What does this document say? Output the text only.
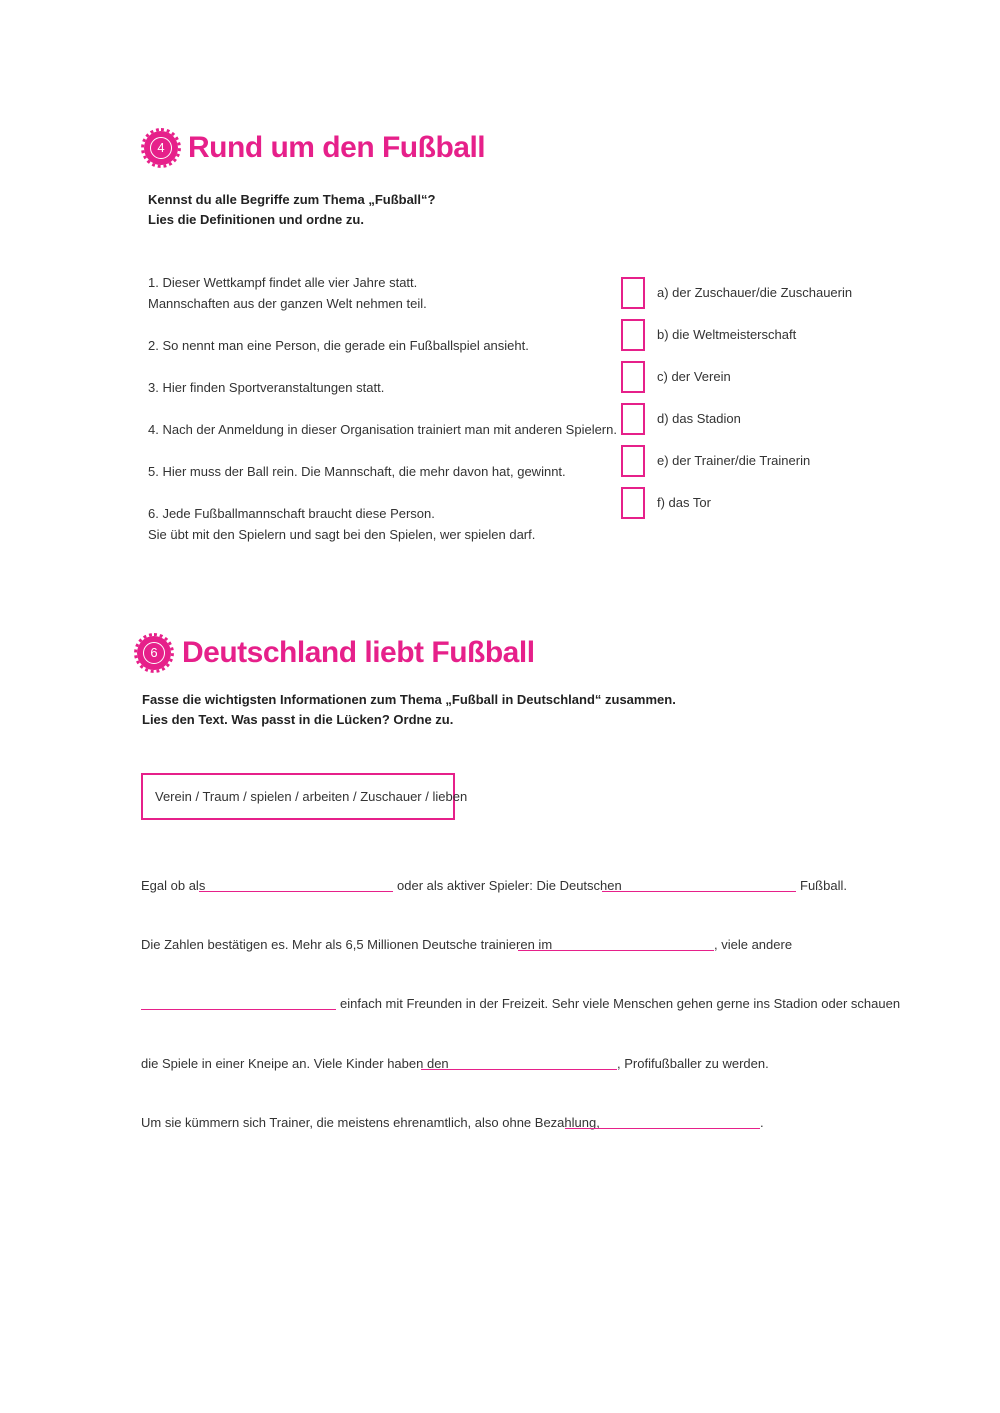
4 Rund um den Fußball
Kennst du alle Begriffe zum Thema „Fußball“?
Lies die Definitionen und ordne zu.
1. Dieser Wettkampf findet alle vier Jahre statt.
Mannschaften aus der ganzen Welt nehmen teil.
2. So nennt man eine Person, die gerade ein Fußballspiel ansieht.
3. Hier finden Sportveranstaltungen statt.
4. Nach der Anmeldung in dieser Organisation trainiert man mit anderen Spielern.
5. Hier muss der Ball rein. Die Mannschaft, die mehr davon hat, gewinnt.
6. Jede Fußballmannschaft braucht diese Person.
Sie übt mit den Spielern und sagt bei den Spielen, wer spielen darf.
a) der Zuschauer/die Zuschauerin
b) die Weltmeisterschaft
c) der Verein
d) das Stadion
e) der Trainer/die Trainerin
f) das Tor
6 Deutschland liebt Fußball
Fasse die wichtigsten Informationen zum Thema „Fußball in Deutschland“ zusammen.
Lies den Text. Was passt in die Lücken? Ordne zu.
Verein / Traum / spielen / arbeiten / Zuschauer / lieben
Egal ob als	oder als aktiver Spieler: Die Deutschen	Fußball.
Die Zahlen bestätigen es. Mehr als 6,5 Millionen Deutsche trainieren im	, viele andere
einfach mit Freunden in der Freizeit. Sehr viele Menschen gehen gerne ins Stadion oder schauen
die Spiele in einer Kneipe an. Viele Kinder haben den	, Profifußballer zu werden.
Um sie kümmern sich Trainer, die meistens ehrenamtlich, also ohne Bezahlung,	.
